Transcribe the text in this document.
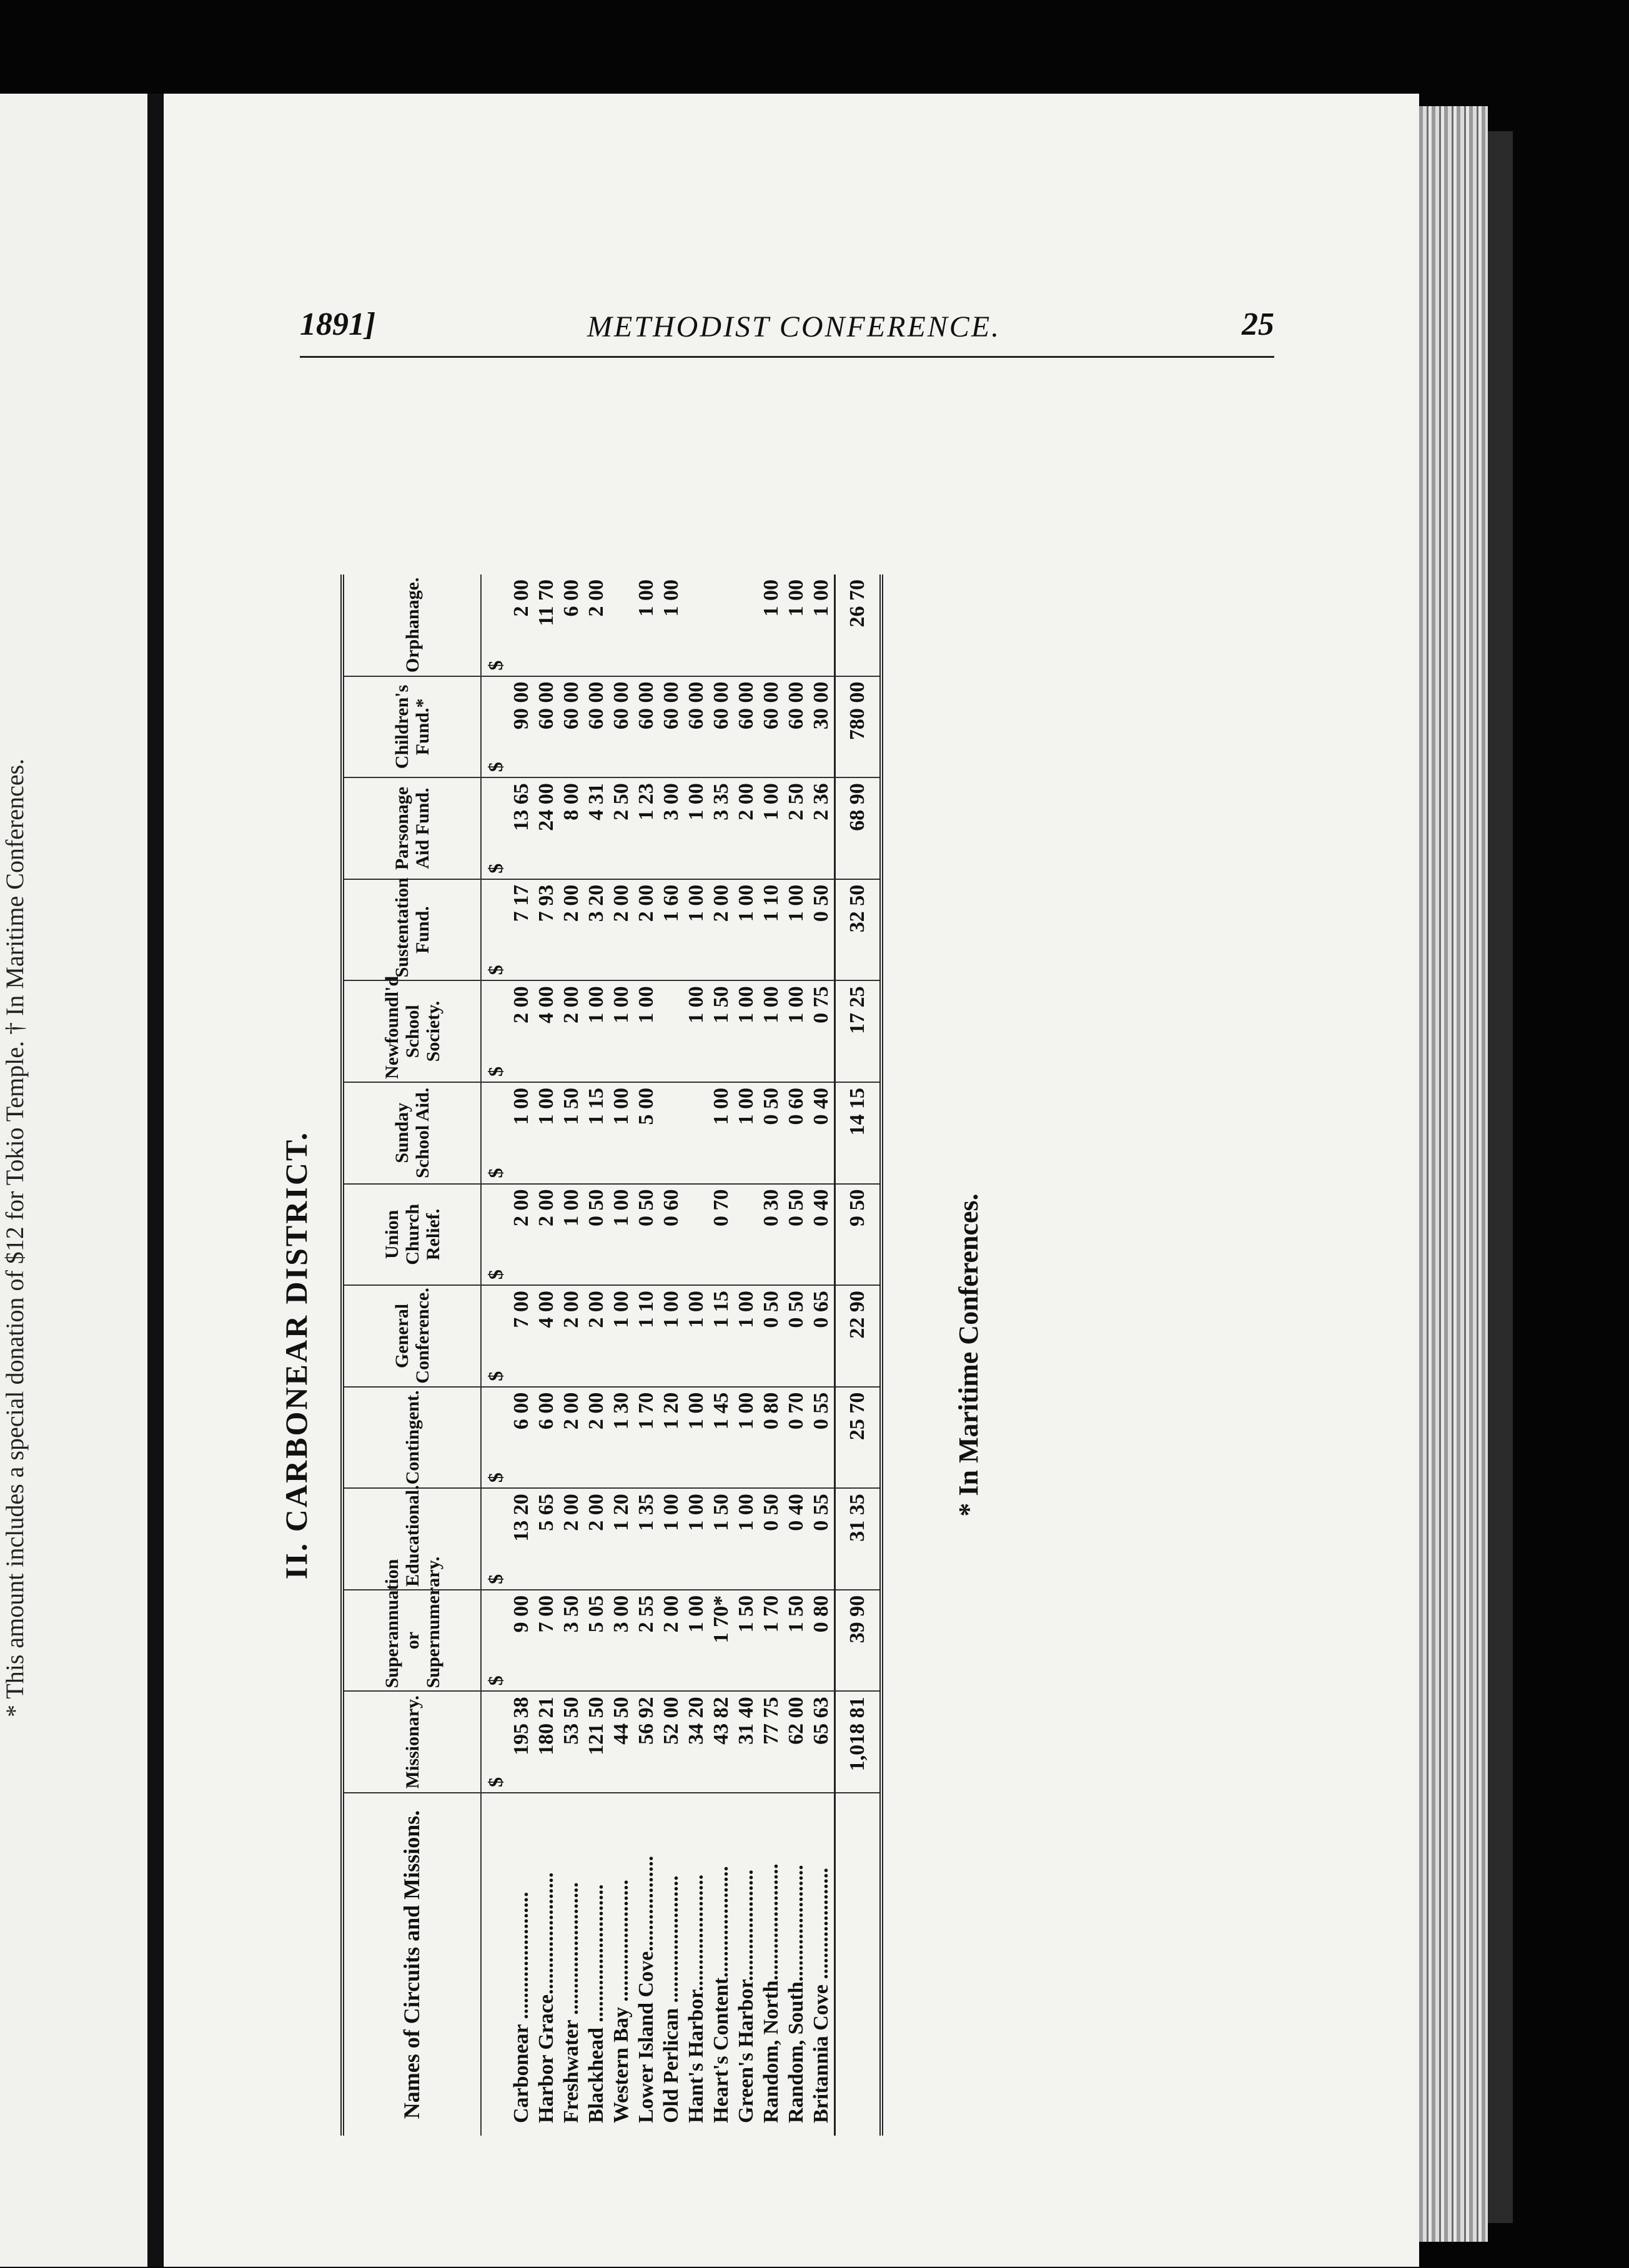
* This amount includes a special donation of $12 for Tokio Temple. † In Maritime Conferences.
1891]	METHODIST CONFERENCE.	25
II. CARBONEAR DISTRICT.
Names of Circuits and Missions.	Missionary.	Superannuation or Supernumerary.	Educational.	Contingent.	General Conference.	Union Church Relief.	Sunday School Aid.	Newfoundl'd School Society.	Sustentation Fund.	Parsonage Aid Fund.	Children's Fund.*	Orphanage.
	$	$	$	$	$	$	$	$	$	$	$	$
Carbonear ........................	195 38	9 00	13 20	6 00	7 00	2 00	1 00	2 00	7 17	13 65	90 00	2 00
Harbor Grace.......................	180 21	7 00	5 65	6 00	4 00	2 00	1 00	4 00	7 93	24 00	60 00	11 70
Freshwater .........................	53 50	3 50	2 00	2 00	2 00	1 00	1 50	2 00	2 00	8 00	60 00	6 00
Blackhead ..........................	121 50	5 05	2 00	2 00	2 00	0 50	1 15	1 00	3 20	4 31	60 00	2 00
Western Bay .......................	44 50	3 00	1 20	1 30	1 00	1 00	1 00	1 00	2 00	2 50	60 00	
Lower Island Cove..................	56 92	2 55	1 35	1 70	1 10	0 50	5 00	1 00	2 00	1 23	60 00	1 00
Old Perlican ........................	52 00	2 00	1 00	1 20	1 00	0 60			1 60	3 00	60 00	1 00
Hant's Harbor......................	34 20	1 00	1 00	1 00	1 00			1 00	1 00	1 00	60 00	
Heart's Content.....................	43 82	1 70*	1 50	1 45	1 15	0 70	1 00	1 50	2 00	3 35	60 00	
Green's Harbor.....................	31 40	1 50	1 00	1 00	1 00		1 00	1 00	1 00	2 00	60 00	
Random, North......................	77 75	1 70	0 50	0 80	0 50	0 30	0 50	1 00	1 10	1 00	60 00	1 00
Random, South......................	62 00	1 50	0 40	0 70	0 50	0 50	0 60	1 00	1 00	2 50	60 00	1 00
Britannia Cove .....................	65 63	0 80	0 55	0 55	0 65	0 40	0 40	0 75	0 50	2 36	30 00	1 00
	1,018 81	39 90	31 35	25 70	22 90	9 50	14 15	17 25	32 50	68 90	780 00	26 70
* In Maritime Conferences.
